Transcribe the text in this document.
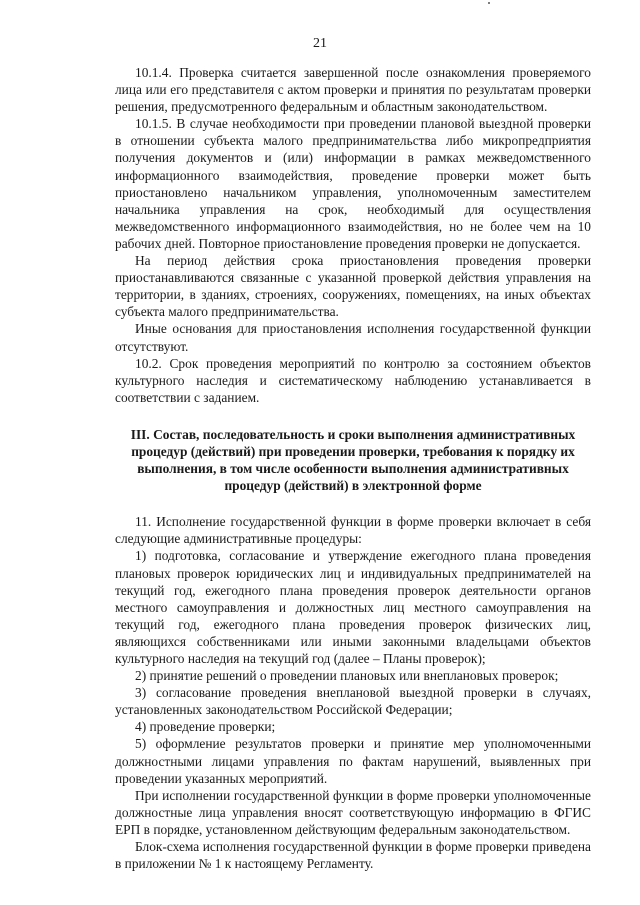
21

10.1.4. Проверка считается завершенной после ознакомления проверяемого лица или его представителя с актом проверки и принятия по результатам проверки решения, предусмотренного федеральным и областным законодательством.

10.1.5. В случае необходимости при проведении плановой выездной проверки в отношении субъекта малого предпринимательства либо микропредприятия получения документов и (или) информации в рамках межведомственного информационного взаимодействия, проведение проверки может быть приостановлено начальником управления, уполномоченным заместителем начальника управления на срок, необходимый для осуществления межведомственного информационного взаимодействия, но не более чем на 10 рабочих дней. Повторное приостановление проведения проверки не допускается.

На период действия срока приостановления проведения проверки приостанавливаются связанные с указанной проверкой действия управления на территории, в зданиях, строениях, сооружениях, помещениях, на иных объектах субъекта малого предпринимательства.

Иные основания для приостановления исполнения государственной функции отсутствуют.

10.2. Срок проведения мероприятий по контролю за состоянием объектов культурного наследия и систематическому наблюдению устанавливается в соответствии с заданием.

III. Состав, последовательность и сроки выполнения административных
процедур (действий) при проведении проверки, требования к порядку их
выполнения, в том числе особенности выполнения административных
процедур (действий) в электронной форме

11. Исполнение государственной функции в форме проверки включает в себя следующие административные процедуры:

1) подготовка, согласование и утверждение ежегодного плана проведения плановых проверок юридических лиц и индивидуальных предпринимателей на текущий год, ежегодного плана проведения проверок деятельности органов местного самоуправления и должностных лиц местного самоуправления на текущий год, ежегодного плана проведения проверок физических лиц, являющихся собственниками или иными законными владельцами объектов культурного наследия на текущий год (далее – Планы проверок);

2) принятие решений о проведении плановых или внеплановых проверок;

3) согласование проведения внеплановой выездной проверки в случаях, установленных законодательством Российской Федерации;

4) проведение проверки;

5) оформление результатов проверки и принятие мер уполномоченными должностными лицами управления по фактам нарушений, выявленных при проведении указанных мероприятий.

При исполнении государственной функции в форме проверки уполномоченные должностные лица управления вносят соответствующую информацию в ФГИС ЕРП в порядке, установленном действующим федеральным законодательством.

Блок-схема исполнения государственной функции в форме проверки приведена в приложении № 1 к настоящему Регламенту.
